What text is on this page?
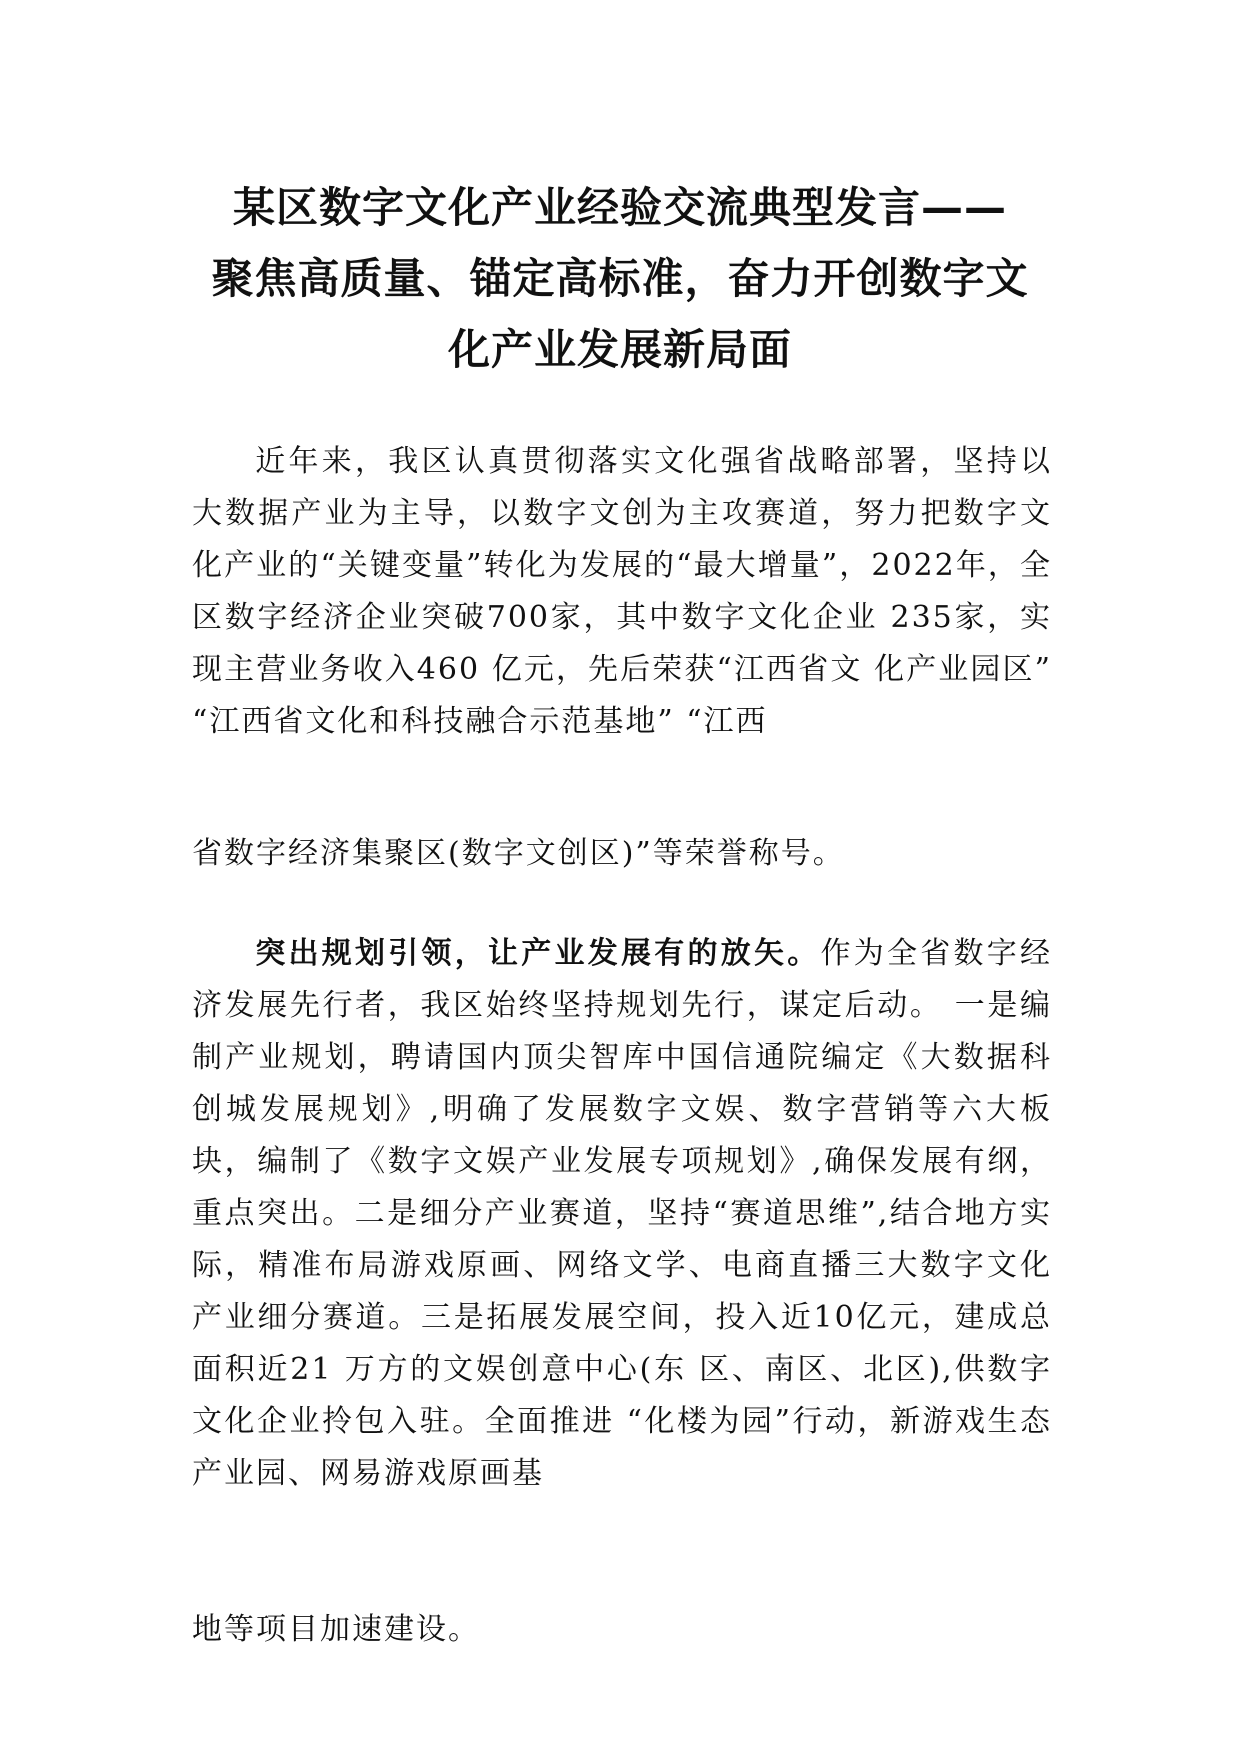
某区数字文化产业经验交流典型发言——
聚焦高质量、锚定高标准，奋力开创数字文
化产业发展新局面

近年来，我区认真贯彻落实文化强省战略部署，坚持以大数据产业为主导，以数字文创为主攻赛道，努力把数字文化产业的“关键变量”转化为发展的“最大增量”，2022年，全区数字经济企业突破700家，其中数字文化企业 235家，实现主营业务收入460 亿元，先后荣获“江西省文 化产业园区” “江西省文化和科技融合示范基地” “江西

省数字经济集聚区(数字文创区)”等荣誉称号。

突出规划引领，让产业发展有的放矢。作为全省数字经济发展先行者，我区始终坚持规划先行，谋定后动。 一是编制产业规划，聘请国内顶尖智库中国信通院编定《大数据科创城发展规划》,明确了发展数字文娱、数字营销等六大板块，编制了《数字文娱产业发展专项规划》,确保发展有纲，重点突出。二是细分产业赛道，坚持“赛道思维”,结合地方实际，精准布局游戏原画、网络文学、电商直播三大数字文化产业细分赛道。三是拓展发展空间，投入近10亿元，建成总面积近21 万方的文娱创意中心(东 区、南区、北区),供数字文化企业拎包入驻。全面推进 “化楼为园”行动，新游戏生态产业园、网易游戏原画基

地等项目加速建设。
